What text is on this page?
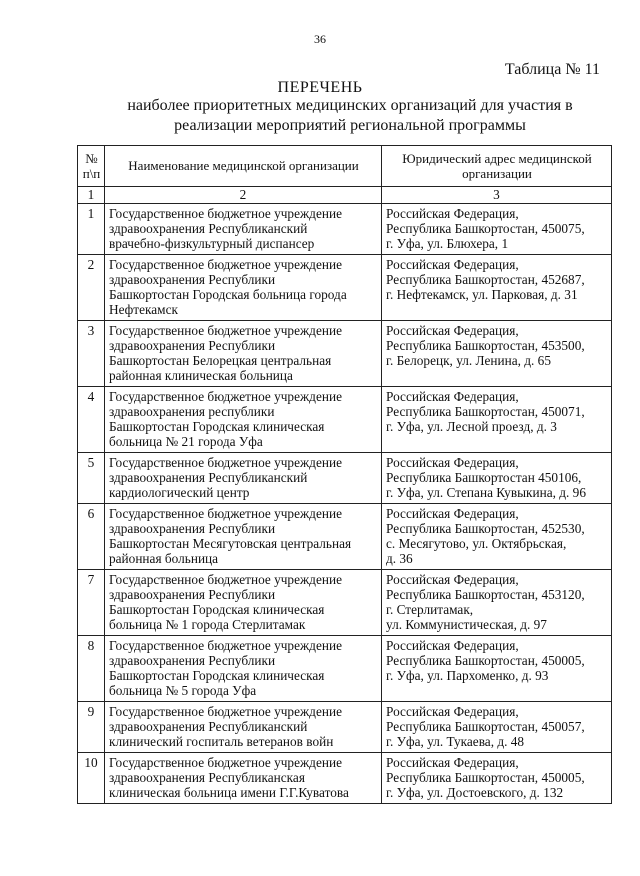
36
Таблица № 11
ПЕРЕЧЕНЬ
наиболее приоритетных медицинских организаций для участия в
реализации мероприятий региональной программы
№
п\п	Наименование медицинской организации	Юридический адрес медицинской
организации

1	2	3
1	Государственное бюджетное учреждение
здравоохранения Республиканский
врачебно-физкультурный диспансер	Российская Федерация,
Республика Башкортостан, 450075,
г. Уфа, ул. Блюхера, 1

2	Государственное бюджетное учреждение
здравоохранения Республики
Башкортостан Городская больница города
Нефтекамск	Российская Федерация,
Республика Башкортостан, 452687,
г. Нефтекамск, ул. Парковая, д. 31

3	Государственное бюджетное учреждение
здравоохранения Республики
Башкортостан Белорецкая центральная
районная клиническая больница	Российская Федерация,
Республика Башкортостан, 453500,
г. Белорецк, ул. Ленина, д. 65

4	Государственное бюджетное учреждение
здравоохранения республики
Башкортостан Городская клиническая
больница № 21 города Уфа	Российская Федерация,
Республика Башкортостан, 450071,
г. Уфа, ул. Лесной проезд, д. 3

5	Государственное бюджетное учреждение
здравоохранения Республиканский
кардиологический центр	Российская Федерация,
Республика Башкортостан 450106,
г. Уфа, ул. Степана Кувыкина, д. 96

6	Государственное бюджетное учреждение
здравоохранения Республики
Башкортостан Месягутовская центральная
районная больница	Российская Федерация,
Республика Башкортостан, 452530,
с. Месягутово, ул. Октябрьская,
д. 36

7	Государственное бюджетное учреждение
здравоохранения Республики
Башкортостан Городская клиническая
больница № 1 города Стерлитамак	Российская Федерация,
Республика Башкортостан, 453120,
г. Стерлитамак,
ул. Коммунистическая, д. 97

8	Государственное бюджетное учреждение
здравоохранения Республики
Башкортостан Городская клиническая
больница № 5 города Уфа	Российская Федерация,
Республика Башкортостан, 450005,
г. Уфа, ул. Пархоменко, д. 93

9	Государственное бюджетное учреждение
здравоохранения Республиканский
клинический госпиталь ветеранов войн	Российская Федерация,
Республика Башкортостан, 450057,
г. Уфа, ул. Тукаева, д. 48

10	Государственное бюджетное учреждение
здравоохранения Республиканская
клиническая больница имени Г.Г.Куватова	Российская Федерация,
Республика Башкортостан, 450005,
г. Уфа, ул. Достоевского, д. 132
